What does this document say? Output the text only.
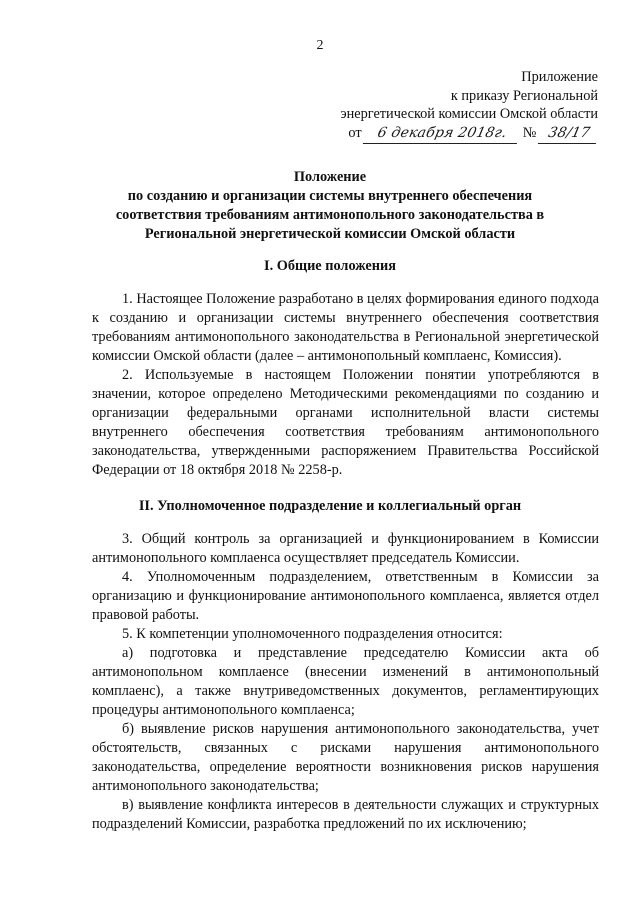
2
Приложение
к приказу Региональной
энергетической комиссии Омской области
от 6 декабря 2018г. № 38/17
Положение
по созданию и организации системы внутреннего обеспечения
соответствия требованиям антимонопольного законодательства в
Региональной энергетической комиссии Омской области
I. Общие положения

1. Настоящее Положение разработано в целях формирования единого подхода к созданию и организации системы внутреннего обеспечения соответствия требованиям антимонопольного законодательства в Региональной энергетической комиссии Омской области (далее – антимонопольный комплаенс, Комиссия).

2. Используемые в настоящем Положении понятии употребляются в значении, которое определено Методическими рекомендациями по созданию и организации федеральными органами исполнительной власти системы внутреннего обеспечения соответствия требованиям антимонопольного законодательства, утвержденными распоряжением Правительства Российской Федерации от 18 октября 2018 № 2258-р.

II. Уполномоченное подразделение и коллегиальный орган

3. Общий контроль за организацией и функционированием в Комиссии антимонопольного комплаенса осуществляет председатель Комиссии.

4. Уполномоченным подразделением, ответственным в Комиссии за организацию и функционирование антимонопольного комплаенса, является отдел правовой работы.

5. К компетенции уполномоченного подразделения относится:

а) подготовка и представление председателю Комиссии акта об антимонопольном комплаенсе (внесении изменений в антимонопольный комплаенс), а также внутриведомственных документов, регламентирующих процедуры антимонопольного комплаенса;

б) выявление рисков нарушения антимонопольного законодательства, учет обстоятельств, связанных с рисками нарушения антимонопольного законодательства, определение вероятности возникновения рисков нарушения антимонопольного законодательства;

в) выявление конфликта интересов в деятельности служащих и структурных подразделений Комиссии, разработка предложений по их исключению;
